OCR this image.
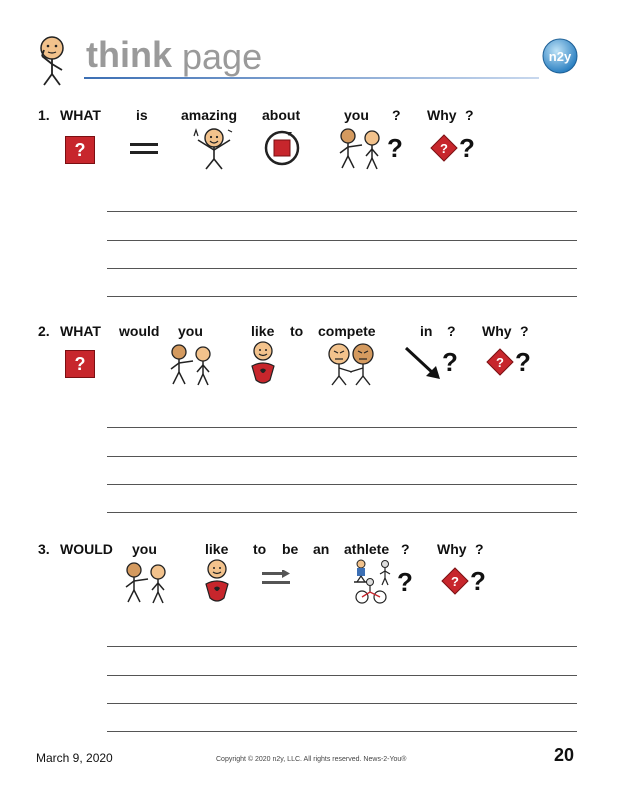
think page	n2y
1. WHAT	is amazing about	you ? Why ?
?	?	? ?
2. WHAT would you	like to compete	in ? Why ?
?	?	? ?
3. WOULD you	like to be an athlete ? Why ?
?	? ?
March 9, 2020	Copyright © 2020 n2y, LLC. All rights reserved. News-2-You®	20
